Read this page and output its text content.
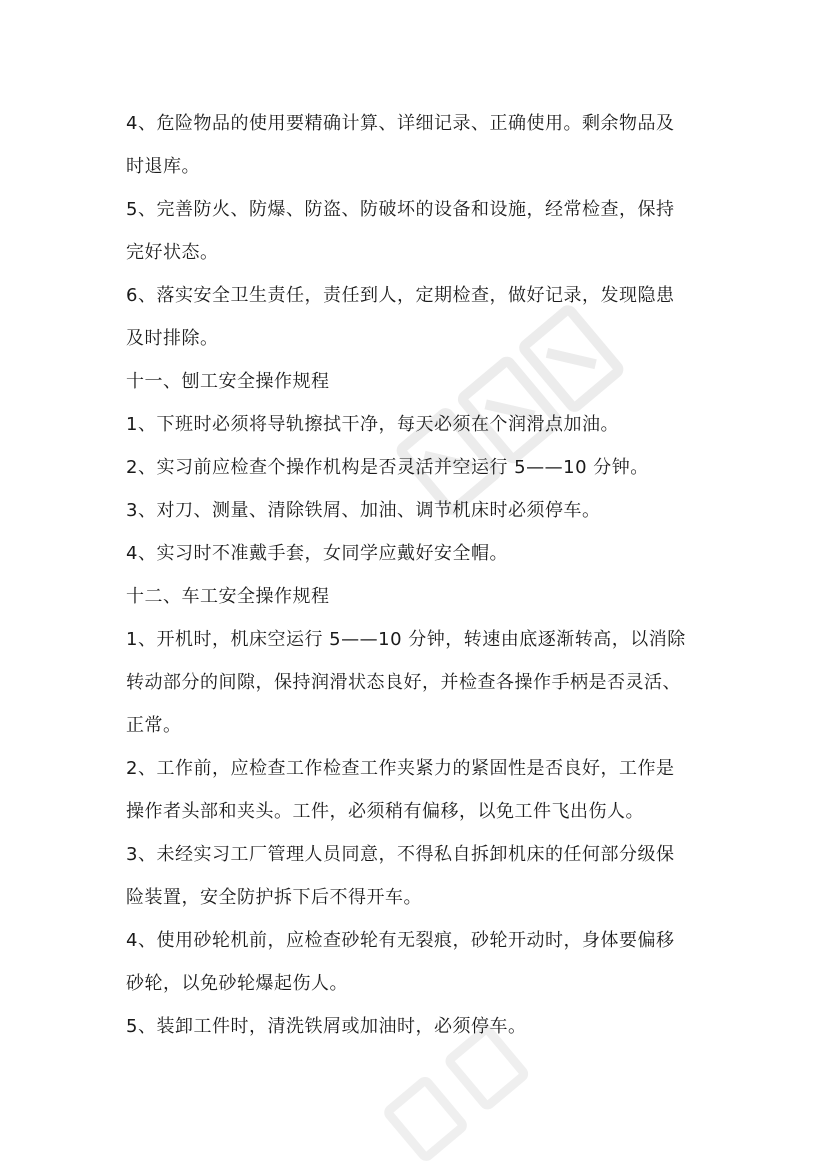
4、危险物品的使用要精确计算、详细记录、正确使用。剩余物品及

时退库。

5、完善防火、防爆、防盗、防破坏的设备和设施，经常检查，保持

完好状态。

6、落实安全卫生责任，责任到人，定期检查，做好记录，发现隐患

及时排除。

十一、刨工安全操作规程

1、下班时必须将导轨擦拭干净，每天必须在个润滑点加油。

2、实习前应检查个操作机构是否灵活并空运行 5——10 分钟。

3、对刀、测量、清除铁屑、加油、调节机床时必须停车。

4、实习时不准戴手套，女同学应戴好安全帽。

十二、车工安全操作规程

1、开机时，机床空运行 5——10 分钟，转速由底逐渐转高，以消除

转动部分的间隙，保持润滑状态良好，并检查各操作手柄是否灵活、

正常。

2、工作前，应检查工作检查工作夹紧力的紧固性是否良好，工作是

操作者头部和夹头。工件，必须稍有偏移，以免工件飞出伤人。

3、未经实习工厂管理人员同意，不得私自拆卸机床的任何部分级保

险装置，安全防护拆下后不得开车。

4、使用砂轮机前，应检查砂轮有无裂痕，砂轮开动时，身体要偏移

砂轮，以免砂轮爆起伤人。

5、装卸工件时，清洗铁屑或加油时，必须停车。
